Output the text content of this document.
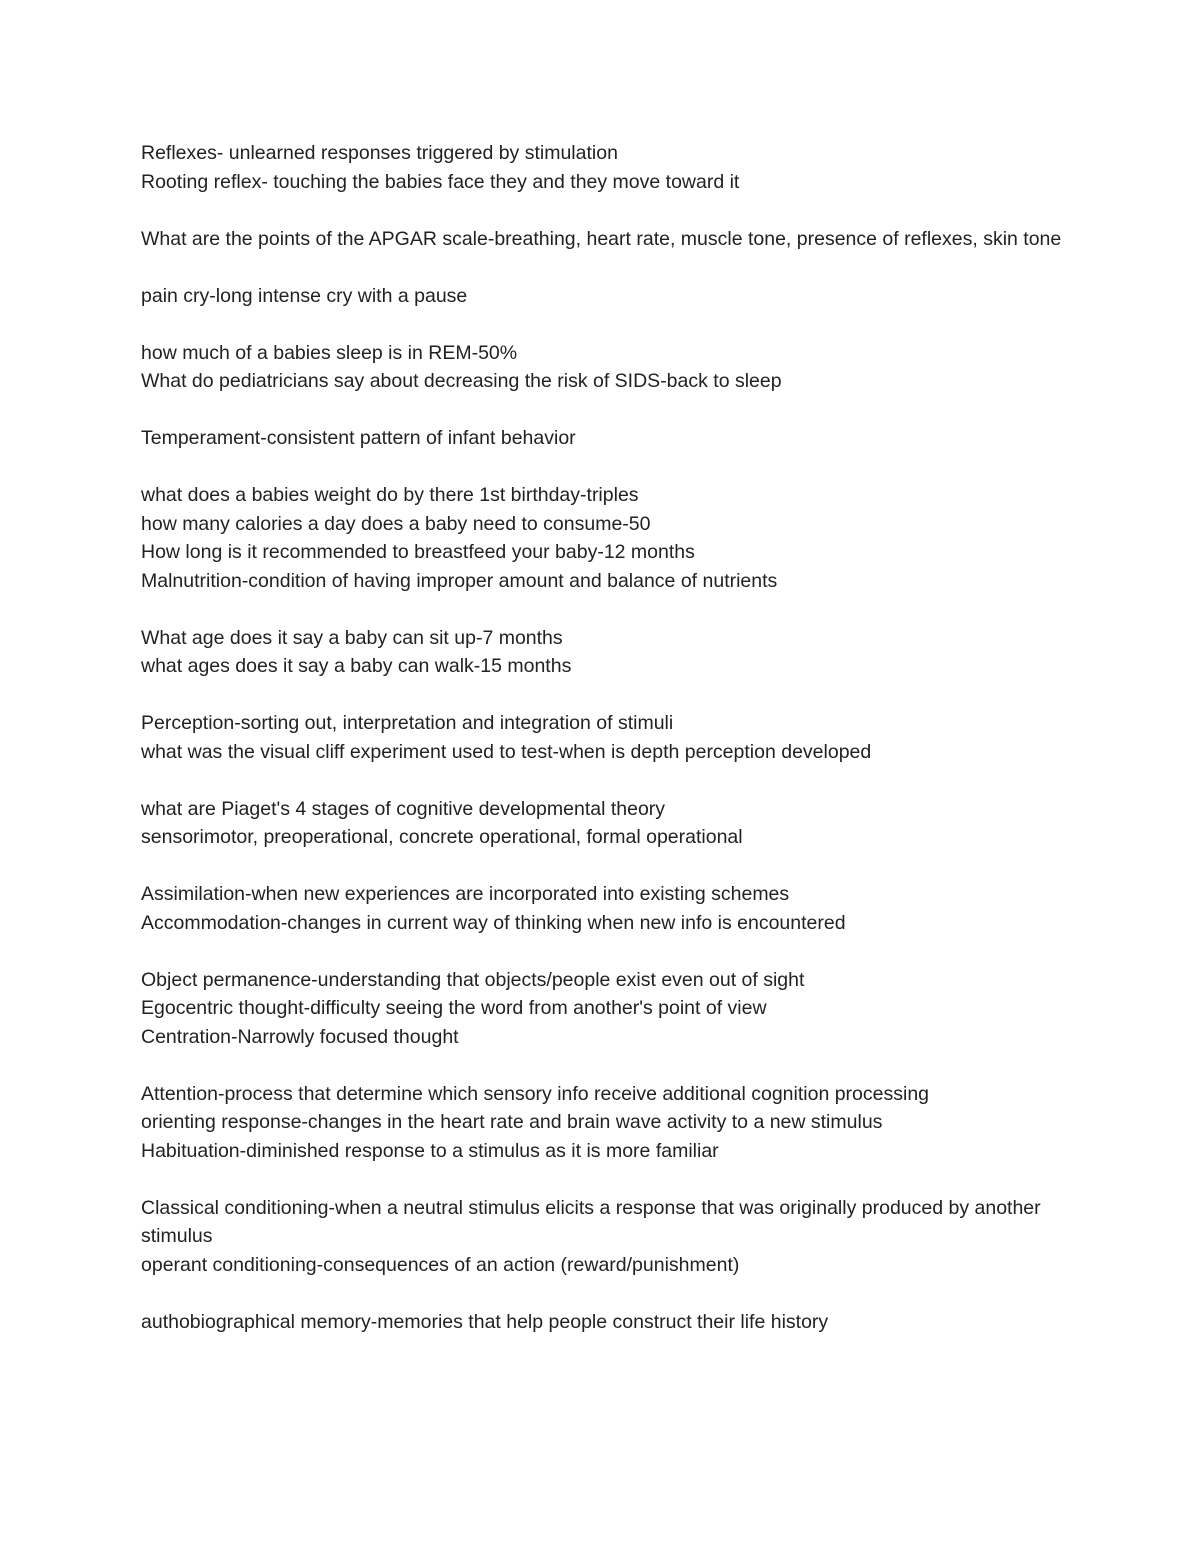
Reflexes- unlearned responses triggered by stimulation
Rooting reflex- touching the babies face they and they move toward it
What are the points of the APGAR scale-breathing, heart rate, muscle tone, presence of reflexes, skin tone
pain cry-long intense cry with a pause
how much of a babies sleep is in REM-50%
What do pediatricians say about decreasing the risk of SIDS-back to sleep
Temperament-consistent pattern of infant behavior
what does a babies weight do by there 1st birthday-triples
how many calories a day does a baby need to consume-50
How long is it recommended to breastfeed your baby-12 months
Malnutrition-condition of having improper amount and balance of nutrients
What age does it say a baby can sit up-7 months
what ages does it say a baby can walk-15 months
Perception-sorting out, interpretation and integration of stimuli
what was the visual cliff experiment used to test-when is depth perception developed
what are Piaget's 4 stages of cognitive developmental theory
sensorimotor, preoperational, concrete operational, formal operational
Assimilation-when new experiences are incorporated into existing schemes
Accommodation-changes in current way of thinking when new info is encountered
Object permanence-understanding that objects/people exist even out of sight
Egocentric thought-difficulty seeing the word from another's point of view
Centration-Narrowly focused thought
Attention-process that determine which sensory info receive additional cognition processing
orienting response-changes in the heart rate and brain wave activity to a new stimulus
Habituation-diminished response to a stimulus as it is more familiar
Classical conditioning-when a neutral stimulus elicits a response that was originally produced by another stimulus
operant conditioning-consequences of an action (reward/punishment)
authobiographical memory-memories that help people construct their life history
